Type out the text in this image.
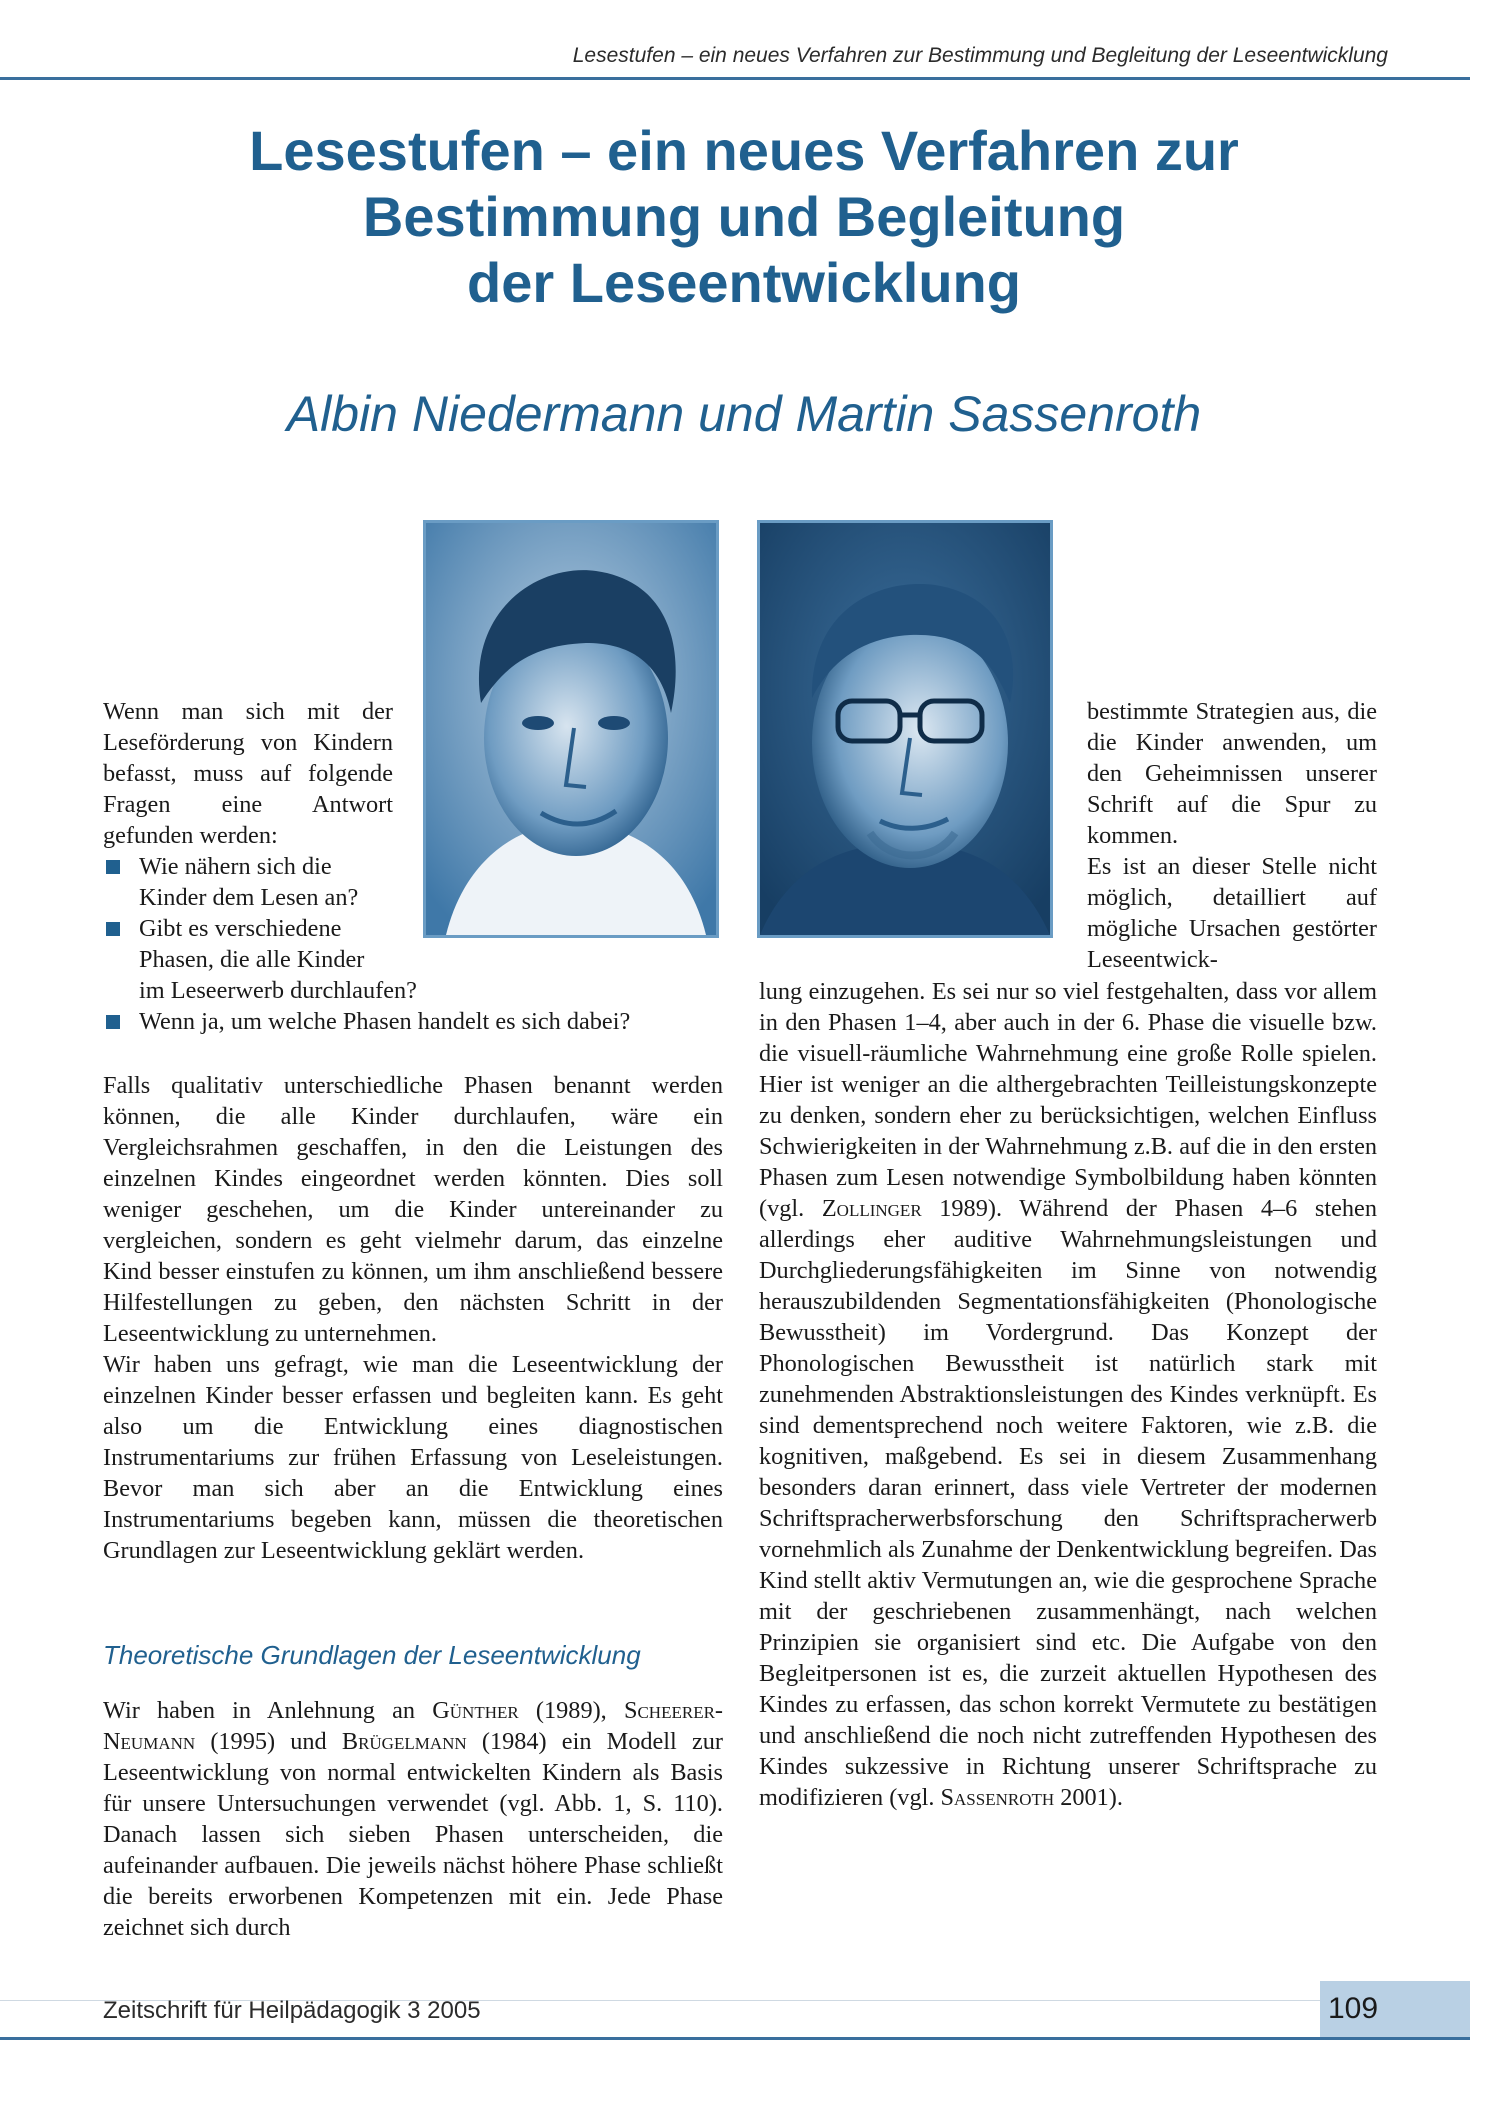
Lesestufen – ein neues Verfahren zur Bestimmung und Begleitung der Leseentwicklung
Lesestufen – ein neues Verfahren zur
Bestimmung und Begleitung
der Leseentwicklung
Albin Niedermann und Martin Sassenroth

Wenn man sich mit der Leseförderung von Kindern befasst, muss auf folgende Fragen eine Antwort gefunden werden:

Wie nähern sich die Kinder dem Lesen an?
Gibt es verschiedene Phasen, die alle Kinder
im Leseerwerb durchlaufen?
Wenn ja, um welche Phasen handelt es sich dabei?

Falls qualitativ unterschiedliche Phasen benannt werden können, die alle Kinder durchlaufen, wäre ein Vergleichsrahmen geschaffen, in den die Leistungen des einzelnen Kindes eingeordnet werden könnten. Dies soll weniger geschehen, um die Kinder untereinander zu vergleichen, sondern es geht vielmehr darum, das einzelne Kind besser einstufen zu können, um ihm anschließend bessere Hilfestellungen zu geben, den nächsten Schritt in der Leseentwicklung zu unternehmen.

Wir haben uns gefragt, wie man die Leseentwicklung der einzelnen Kinder besser erfassen und begleiten kann. Es geht also um die Entwicklung eines diagnostischen Instrumentariums zur frühen Erfassung von Leseleistungen. Bevor man sich aber an die Entwicklung eines Instrumentariums begeben kann, müssen die theoretischen Grundlagen zur Leseentwicklung geklärt werden.

Theoretische Grundlagen der Leseentwicklung

Wir haben in Anlehnung an Günther (1989), Scheerer-Neumann (1995) und Brügelmann (1984) ein Modell zur Leseentwicklung von normal entwickelten Kindern als Basis für unsere Untersuchungen verwendet (vgl. Abb. 1, S. 110). Danach lassen sich sieben Phasen unterscheiden, die aufeinander aufbauen. Die jeweils nächst höhere Phase schließt die bereits erworbenen Kompetenzen mit ein. Jede Phase zeichnet sich durch

bestimmte Strategien aus, die die Kinder anwenden, um den Geheimnissen unserer Schrift auf die Spur zu kommen.

Es ist an dieser Stelle nicht möglich, detailliert auf mögliche Ursachen gestörter Leseentwick-

lung einzugehen. Es sei nur so viel festgehalten, dass vor allem in den Phasen 1–4, aber auch in der 6. Phase die visuelle bzw. die visuell-räumliche Wahrnehmung eine große Rolle spielen. Hier ist weniger an die althergebrachten Teilleistungskonzepte zu denken, sondern eher zu berücksichtigen, welchen Einfluss Schwierigkeiten in der Wahrnehmung z.B. auf die in den ersten Phasen zum Lesen notwendige Symbolbildung haben könnten (vgl. Zollinger 1989). Während der Phasen 4–6 stehen allerdings eher auditive Wahrnehmungsleistungen und Durchgliederungsfähigkeiten im Sinne von notwendig herauszubildenden Segmentationsfähigkeiten (Phonologische Bewusstheit) im Vordergrund. Das Konzept der Phonologischen Bewusstheit ist natürlich stark mit zunehmenden Abstraktionsleistungen des Kindes verknüpft. Es sind dementsprechend noch weitere Faktoren, wie z.B. die kognitiven, maßgebend. Es sei in diesem Zusammenhang besonders daran erinnert, dass viele Vertreter der modernen Schriftspracherwerbsforschung den Schriftspracherwerb vornehmlich als Zunahme der Denkentwicklung begreifen. Das Kind stellt aktiv Vermutungen an, wie die gesprochene Sprache mit der geschriebenen zusammenhängt, nach welchen Prinzipien sie organisiert sind etc. Die Aufgabe von den Begleitpersonen ist es, die zurzeit aktuellen Hypothesen des Kindes zu erfassen, das schon korrekt Vermutete zu bestätigen und anschließend die noch nicht zutreffenden Hypothesen des Kindes sukzessive in Richtung unserer Schriftsprache zu modifizieren (vgl. Sassenroth 2001).

Zeitschrift für Heilpädagogik 3 2005	109
